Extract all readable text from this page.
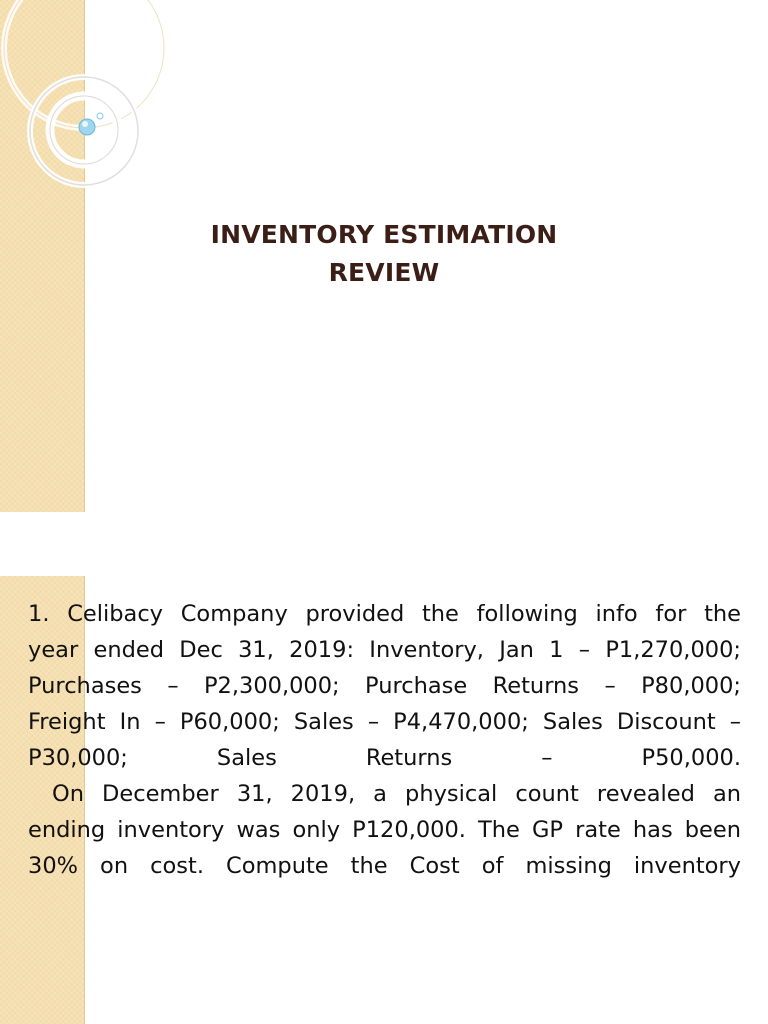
INVENTORY ESTIMATION
REVIEW
1. Celibacy Company provided the following info for the
year ended Dec 31, 2019: Inventory, Jan 1 – P1,270,000;
Purchases – P2,300,000; Purchase Returns – P80,000;
Freight In – P60,000; Sales – P4,470,000; Sales Discount –
P30,000; Sales Returns – P50,000.
On December 31, 2019, a physical count revealed an
ending inventory was only P120,000. The GP rate has been
30% on cost. Compute the Cost of missing inventory
